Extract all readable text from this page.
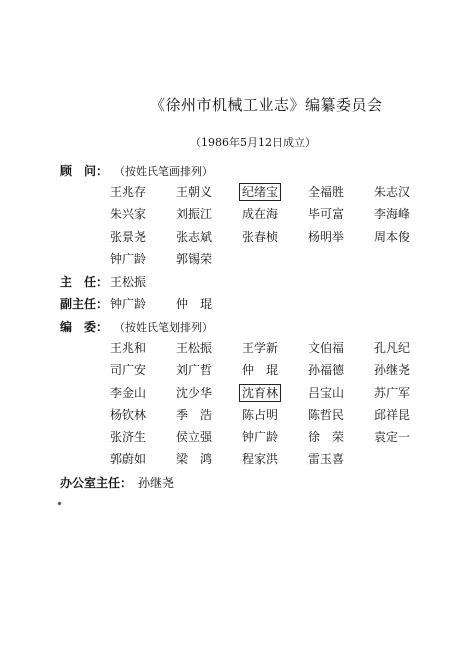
《徐州市机械工业志》编纂委员会
（1986年5月12日成立）
顾　问： （按姓氏笔画排列）
王兆存	王朝义	纪绪宝	全福胜	朱志汉
朱兴家	刘振江	成在海	毕可富	李海峰
张景尧	张志斌	张春桢	杨明举	周本俊
钟广龄	郭锡荣
主　任： 王松振
副主任： 钟广龄 仲　琨
编　委： （按姓氏笔划排列）
王兆和	王松振	王学新	文伯福	孔凡纪
司广安	刘广哲	仲　琨	孙福德	孙继尧
李金山	沈少华	沈育林	吕宝山	苏广军
杨钦林	季　浩	陈占明	陈哲民	邱祥昆
张济生	侯立强	钟广龄	徐　荣	袁定一
郭蔚如	梁　鸿	程家洪	雷玉喜
办公室主任： 孙继尧
